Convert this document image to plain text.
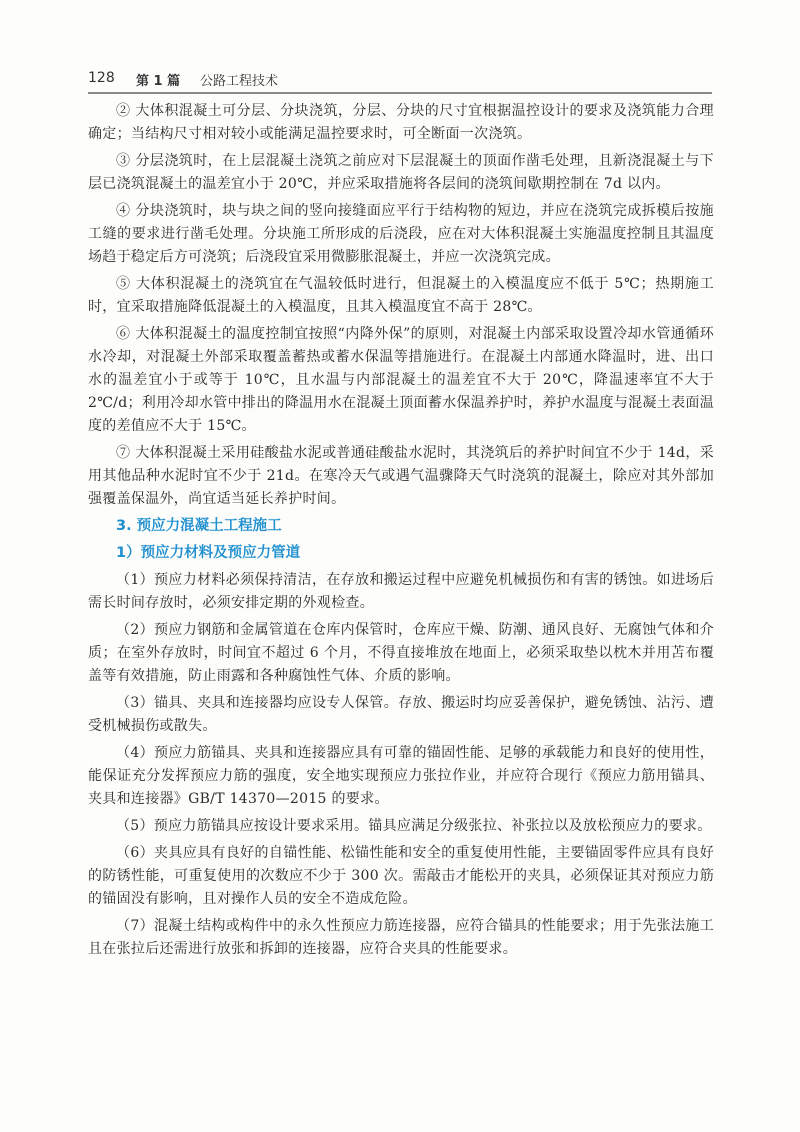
128 第 1 篇 公路工程技术

② 大体积混凝土可分层、分块浇筑，分层、分块的尺寸宜根据温控设计的要求及浇筑能力合理确定；当结构尺寸相对较小或能满足温控要求时，可全断面一次浇筑。

③ 分层浇筑时，在上层混凝土浇筑之前应对下层混凝土的顶面作凿毛处理，且新浇混凝土与下层已浇筑混凝土的温差宜小于 20℃，并应采取措施将各层间的浇筑间歇期控制在 7d 以内。

④ 分块浇筑时，块与块之间的竖向接缝面应平行于结构物的短边，并应在浇筑完成拆模后按施工缝的要求进行凿毛处理。分块施工所形成的后浇段，应在对大体积混凝土实施温度控制且其温度场趋于稳定后方可浇筑；后浇段宜采用微膨胀混凝土，并应一次浇筑完成。

⑤ 大体积混凝土的浇筑宜在气温较低时进行，但混凝土的入模温度应不低于 5℃；热期施工时，宜采取措施降低混凝土的入模温度，且其入模温度宜不高于 28℃。

⑥ 大体积混凝土的温度控制宜按照“内降外保”的原则，对混凝土内部采取设置冷却水管通循环水冷却，对混凝土外部采取覆盖蓄热或蓄水保温等措施进行。在混凝土内部通水降温时，进、出口水的温差宜小于或等于 10℃，且水温与内部混凝土的温差宜不大于 20℃，降温速率宜不大于 2℃/d；利用冷却水管中排出的降温用水在混凝土顶面蓄水保温养护时，养护水温度与混凝土表面温度的差值应不大于 15℃。

⑦ 大体积混凝土采用硅酸盐水泥或普通硅酸盐水泥时，其浇筑后的养护时间宜不少于 14d，采用其他品种水泥时宜不少于 21d。在寒冷天气或遇气温骤降天气时浇筑的混凝土，除应对其外部加强覆盖保温外，尚宜适当延长养护时间。

3. 预应力混凝土工程施工
1）预应力材料及预应力管道

（1）预应力材料必须保持清洁，在存放和搬运过程中应避免机械损伤和有害的锈蚀。如进场后需长时间存放时，必须安排定期的外观检查。

（2）预应力钢筋和金属管道在仓库内保管时，仓库应干燥、防潮、通风良好、无腐蚀气体和介质；在室外存放时，时间宜不超过 6 个月，不得直接堆放在地面上，必须采取垫以枕木并用苫布覆盖等有效措施，防止雨露和各种腐蚀性气体、介质的影响。

（3）锚具、夹具和连接器均应设专人保管。存放、搬运时均应妥善保护，避免锈蚀、沾污、遭受机械损伤或散失。

（4）预应力筋锚具、夹具和连接器应具有可靠的锚固性能、足够的承载能力和良好的使用性，能保证充分发挥预应力筋的强度，安全地实现预应力张拉作业，并应符合现行《预应力筋用锚具、夹具和连接器》GB/T 14370—2015 的要求。

（5）预应力筋锚具应按设计要求采用。锚具应满足分级张拉、补张拉以及放松预应力的要求。

（6）夹具应具有良好的自锚性能、松锚性能和安全的重复使用性能，主要锚固零件应具有良好的防锈性能，可重复使用的次数应不少于 300 次。需敲击才能松开的夹具，必须保证其对预应力筋的锚固没有影响，且对操作人员的安全不造成危险。

（7）混凝土结构或构件中的永久性预应力筋连接器，应符合锚具的性能要求；用于先张法施工且在张拉后还需进行放张和拆卸的连接器，应符合夹具的性能要求。
